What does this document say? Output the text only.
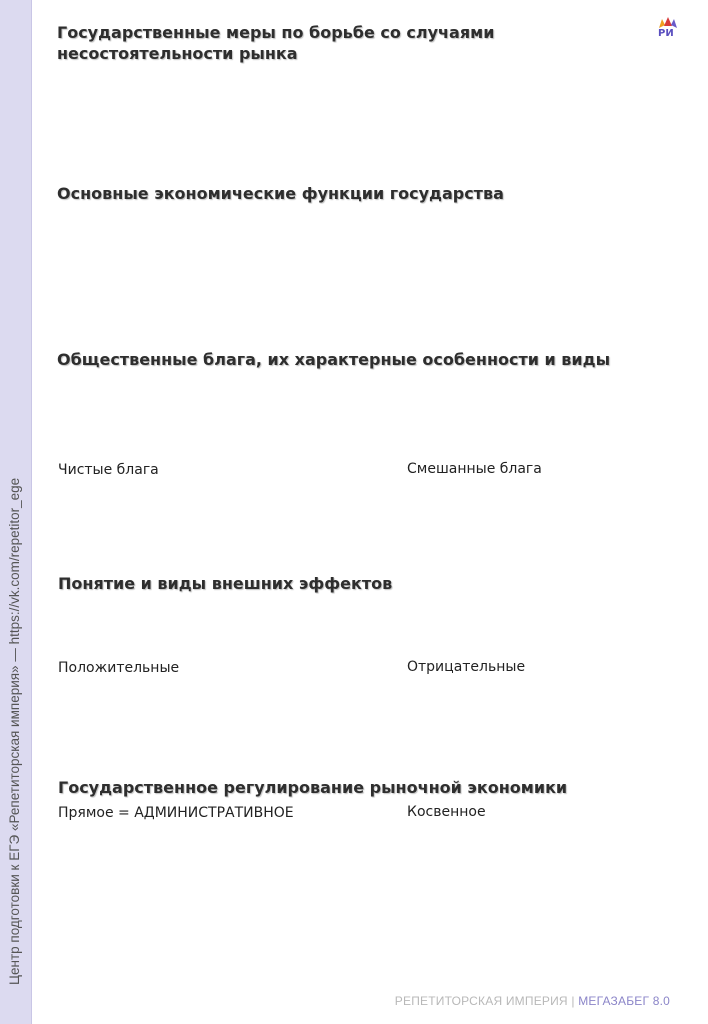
Центр подготовки к ЕГЭ «Репетиторская империя» — https://vk.com/repetitor_ege
РИ
Государственные меры по борьбе со случаями
несостоятельности рынка
Основные экономические функции государства
Общественные блага, их характерные особенности и виды
Чистые блага	Смешанные блага
Понятие и виды внешних эффектов
Положительные	Отрицательные
Государственное регулирование рыночной экономики
Прямое = АДМИНИСТРАТИВНОЕ	Косвенное
РЕПЕТИТОРСКАЯ ИМПЕРИЯ | МЕГАЗАБЕГ 8.0
